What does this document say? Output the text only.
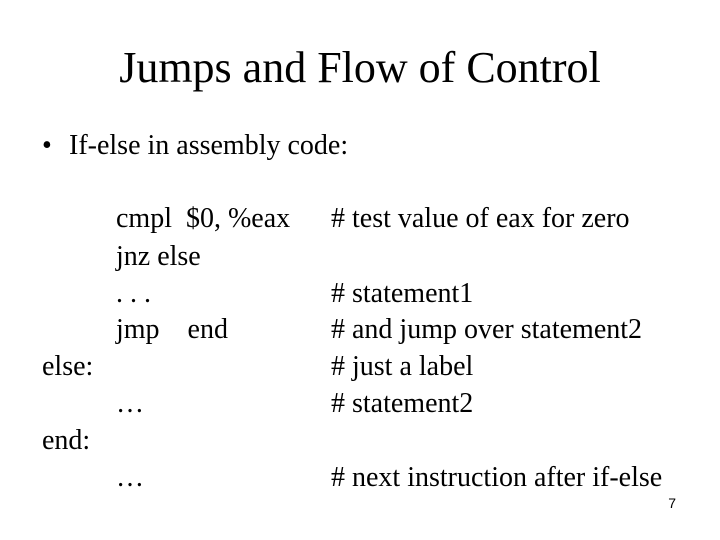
Jumps and Flow of Control
• If-else in assembly code:
cmpl  $0, %eax
jnz else
. . .
jmp    end
…
…
else:
end:
# test value of eax for zero
# statement1
# and jump over statement2
# just a label
# statement2
# next instruction after if-else
7
